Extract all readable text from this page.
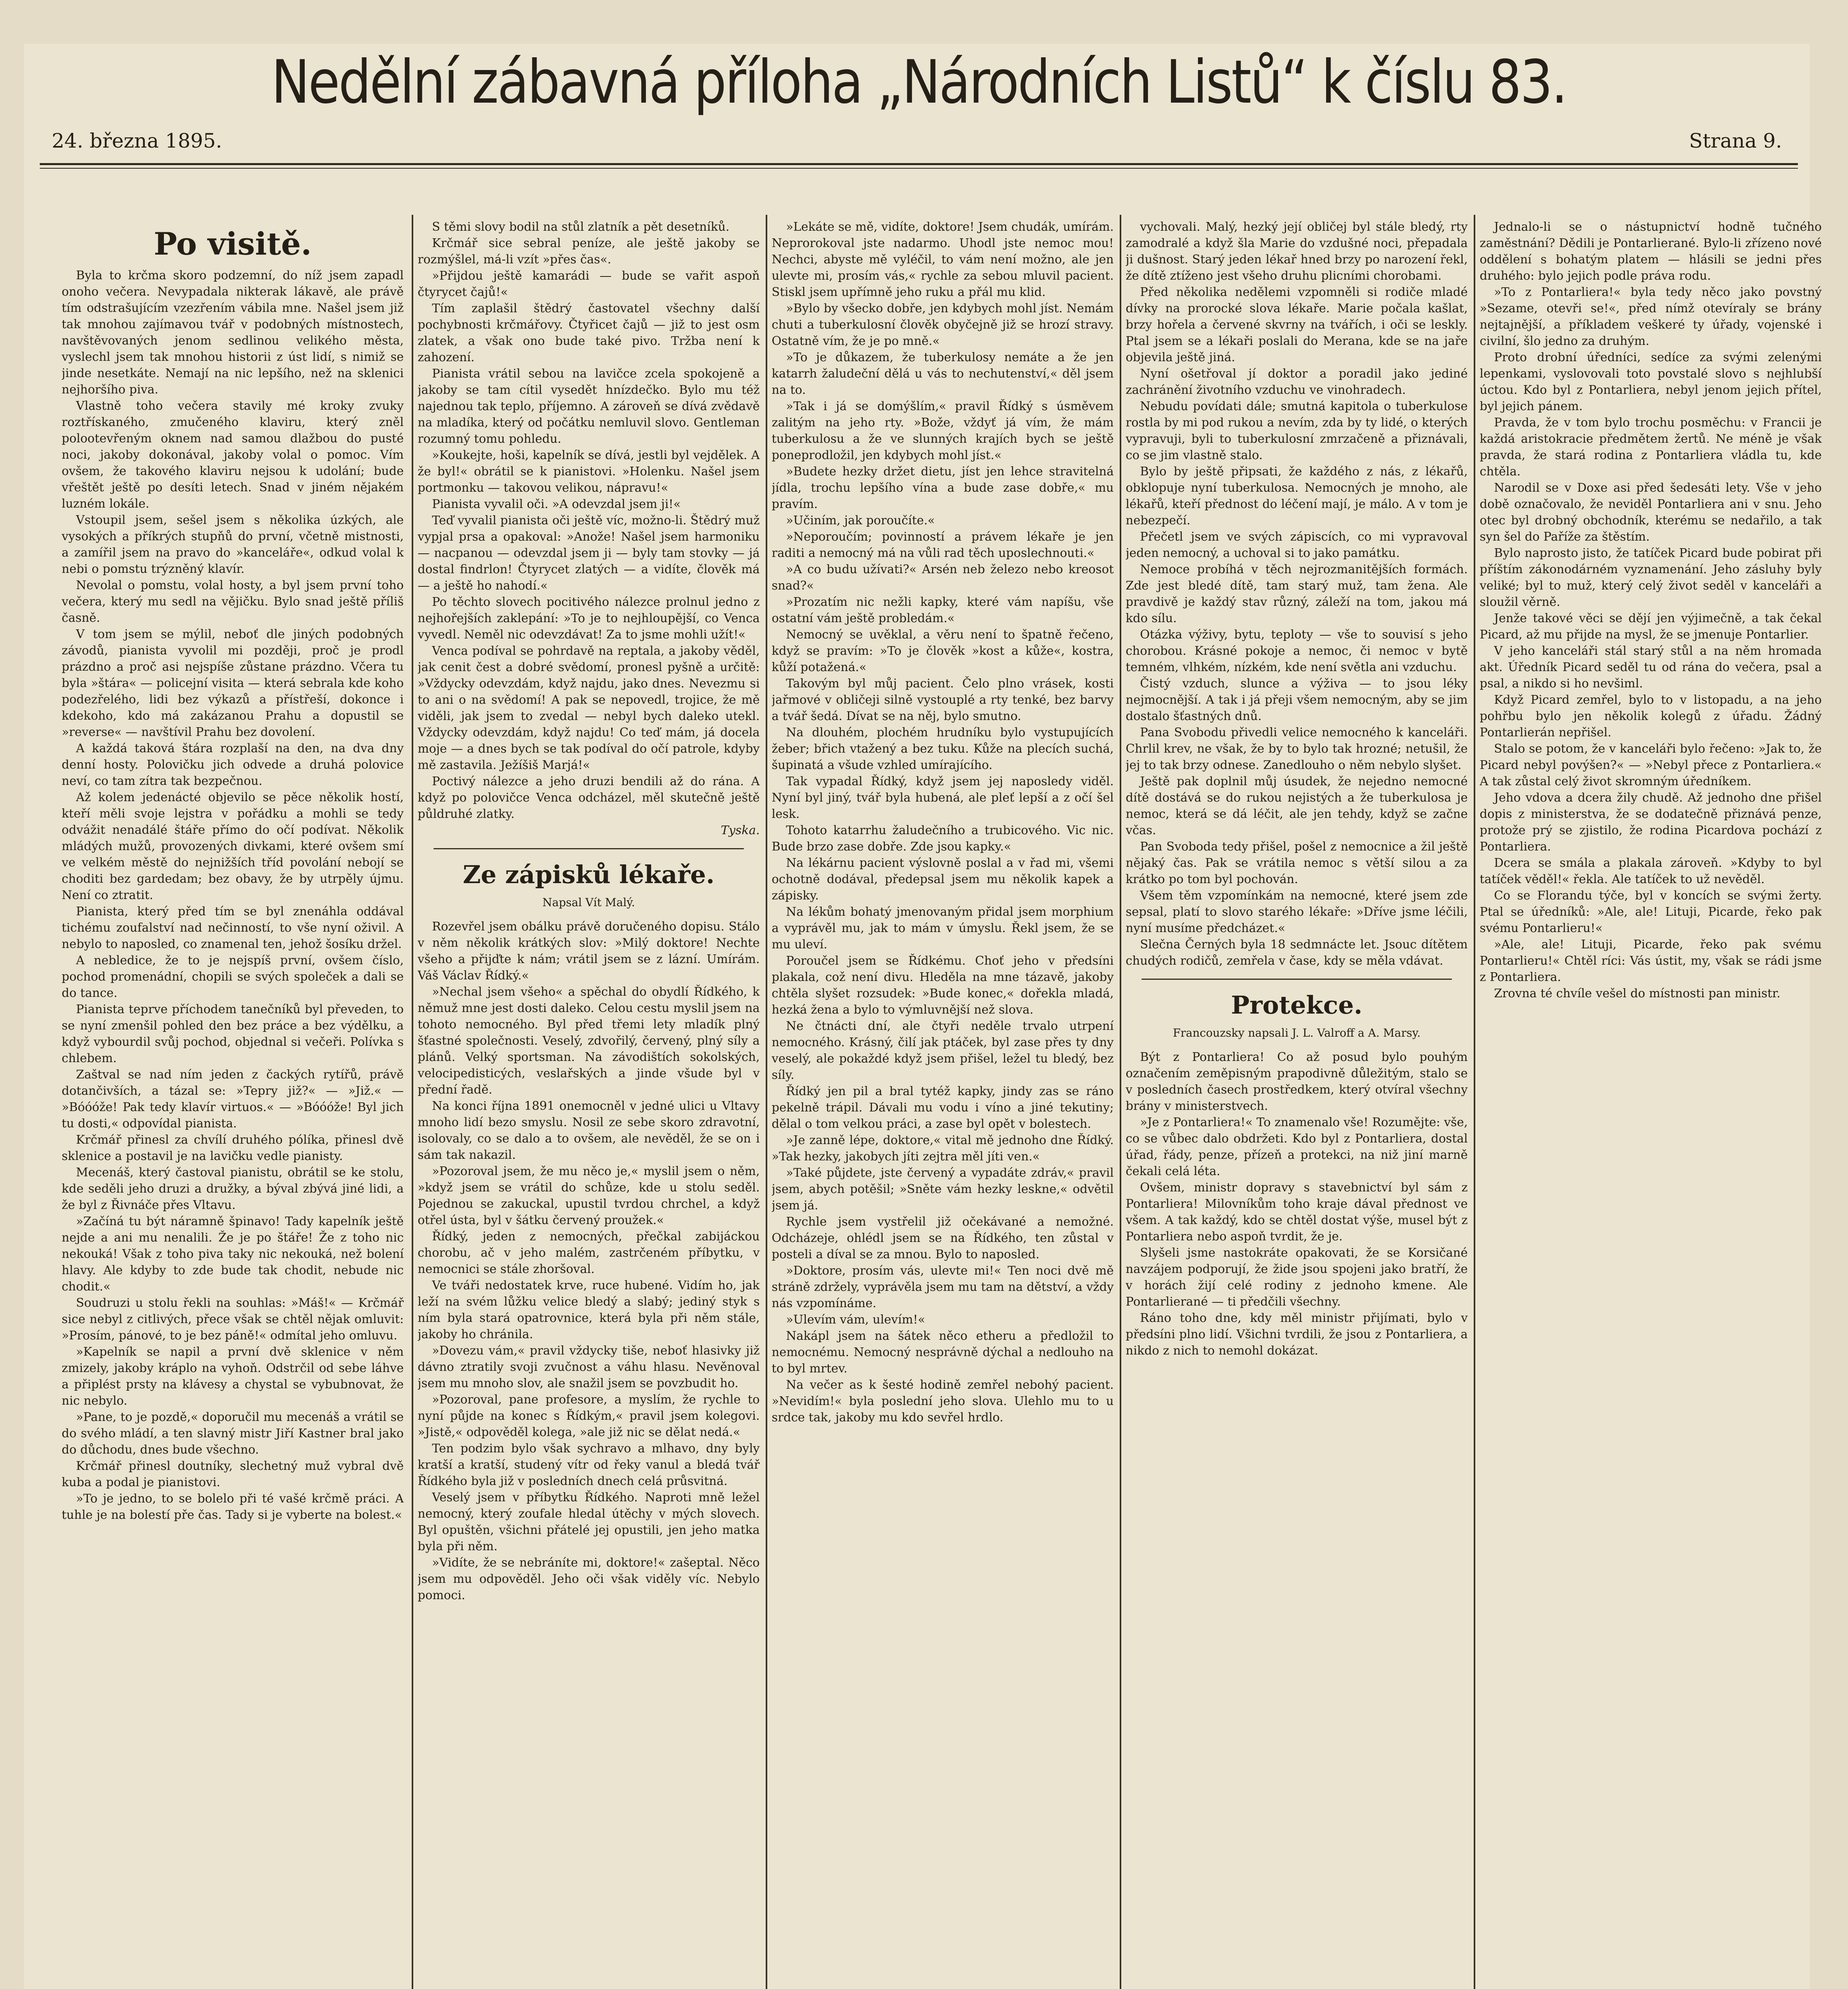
24. března 1895.
Nedělní zábavná příloha „Národních Listů“ k číslu 83.
Strana 9.
Po visitě.

Byla to krčma skoro podzemní, do níž jsem zapadl onoho večera. Nevypadala nikterak lákavě, ale právě tím odstrašujícím vzezřením vábila mne. Našel jsem již tak mnohou zajímavou tvář v podobných místnostech, navštěvovaných jenom sedlinou velikého města, vyslechl jsem tak mnohou historii z úst lidí, s nimiž se jinde nesetkáte. Nemají na nic lepšího, než na sklenici nejhoršího piva.

Vlastně toho večera stavily mé kroky zvuky roztřískaného, zmučeného klaviru, který zněl polootevřeným oknem nad samou dlažbou do pusté noci, jakoby dokonával, jakoby volal o pomoc. Vím ovšem, že takového klaviru nejsou k udolání; bude vřeštět ještě po desíti letech. Snad v jiném nějakém luzném lokále.

Vstoupil jsem, sešel jsem s několika úzkých, ale vysokých a příkrých stupňů do první, včetně mistnosti, a zamířil jsem na pravo do »kanceláře«, odkud volal k nebi o pomstu trýzněný klavír.

Nevolal o pomstu, volal hosty, a byl jsem první toho večera, který mu sedl na vějičku. Bylo snad ještě příliš časně.

V tom jsem se mýlil, neboť dle jiných podobných závodů, pianista vyvolil mi později, proč je prodl prázdno a proč asi nejspíše zůstane prázdno. Včera tu byla »štára« — policejní visita — která sebrala kde koho podezřelého, lidi bez výkazů a přístřeší, dokonce i kdekoho, kdo má zakázanou Prahu a dopustil se »reverse« — navštívil Prahu bez dovolení.

A každá taková štára rozplaší na den, na dva dny denní hosty. Polovičku jich odvede a druhá polovice neví, co tam zítra tak bezpečnou.

Až kolem jedenácté objevilo se pěce několik hostí, kteří měli svoje lejstra v pořádku a mohli se tedy odvážit nenadálé štáře přímo do očí podívat. Několik mládých mužů, provozených divkami, které ovšem smí ve velkém městě do nejnižších tříd povolání nebojí se choditi bez gardedam; bez obavy, že by utrpěly újmu. Není co ztratit.

Pianista, který před tím se byl znenáhla oddával tichému zoufalství nad nečinností, to vše nyní oživil. A nebylo to naposled, co znamenal ten, jehož šosíku držel.

A nebledice, že to je nejspíš první, ovšem číslo, pochod promenádní, chopili se svých společek a dali se do tance.

Pianista teprve příchodem tanečníků byl převeden, to se nyní zmenšil pohled den bez práce a bez výdělku, a když vybourdil svůj pochod, objednal si večeři. Polívka s chlebem.

Zaštval se nad ním jeden z čackých rytířů, právě dotančivších, a tázal se: »Tepry již?« — »Již.« — »Bóóóže! Pak tedy klavír virtuos.« — »Bóóóže! Byl jich tu dosti,« odpovídal pianista.

Krčmář přinesl za chvílí druhého pólíka, přinesl dvě sklenice a postavil je na lavičku vedle pianisty.

Mecenáš, který častoval pianistu, obrátil se ke stolu, kde seděli jeho druzi a družky, a býval zbývá jiné lidi, a že byl z Řivnáče přes Vltavu.

»Začíná tu být náramně špinavo! Tady kapelník ještě nejde a ani mu nenalili. Že je po štáře! Že z toho nic nekouká! Však z toho piva taky nic nekouká, než bolení hlavy. Ale kdyby to zde bude tak chodit, nebude nic chodit.«

Soudruzi u stolu řekli na souhlas: »Máš!« — Krčmář sice nebyl z citlivých, přece však se chtěl nějak omluvit: »Prosím, pánové, to je bez páně!« odmítal jeho omluvu.

»Kapelník se napil a první dvě sklenice v něm zmizely, jakoby kráplo na vyhoň. Odstrčil od sebe láhve a připlést prsty na klávesy a chystal se vybubnovat, že nic nebylo.

»Pane, to je pozdě,« doporučil mu mecenáš a vrátil se do svého mládí, a ten slavný mistr Jiří Kastner bral jako do důchodu, dnes bude všechno.

Krčmář přinesl doutníky, slechetný muž vybral dvě kuba a podal je pianistovi.

»To je jedno, to se bolelo při té vašé krčmě práci. A tuhle je na bolestí pře čas. Tady si je vyberte na bolest.«

S těmi slovy bodil na stůl zlatník a pět desetníků.

Krčmář sice sebral peníze, ale ještě jakoby se rozmýšlel, má-li vzít »přes čas«.

»Přijdou ještě kamarádi — bude se vařit aspoň čtyrycet čajů!«

Tím zaplašil štědrý častovatel všechny další pochybnosti krčmářovy. Čtyřicet čajů — již to jest osm zlatek, a však ono bude také pivo. Tržba není k zahození.

Pianista vrátil sebou na lavičce zcela spokojeně a jakoby se tam cítil vysedět hnízdečko. Bylo mu též najednou tak teplo, příjemno. A zároveň se dívá zvědavě na mladíka, který od počátku nemluvil slovo. Gentleman rozumný tomu pohledu.

»Koukejte, hoši, kapelník se dívá, jestli byl vejdělek. A že byl!« obrátil se k pianistovi. »Holenku. Našel jsem portmonku — takovou velikou, nápravu!«

Pianista vyvalil oči. »A odevzdal jsem ji!«

Teď vyvalil pianista oči ještě víc, možno-li. Štědrý muž vypjal prsa a opakoval: »Anože! Našel jsem harmoniku — nacpanou — odevzdal jsem ji — byly tam stovky — já dostal findrlon! Čtyrycet zlatých — a vidíte, člověk má — a ještě ho nahodí.«

Po těchto slovech pocitivého nálezce prolnul jedno z nejhořejších zaklepání: »To je to nejhloupější, co Venca vyvedl. Neměl nic odevzdávat! Za to jsme mohli užít!«

Venca podíval se pohrdavě na reptala, a jakoby věděl, jak cenit čest a dobré svědomí, pronesl pyšně a určitě: »Vždycky odevzdám, když najdu, jako dnes. Nevezmu si to ani o na svědomí! A pak se nepovedl, trojice, že mě viděli, jak jsem to zvedal — nebyl bych daleko utekl. Vždycky odevzdám, když najdu! Co teď mám, já docela moje — a dnes bych se tak podíval do očí patrole, kdyby mě zastavila. Ježíšiš Marjá!«

Poctivý nálezce a jeho druzi bendili až do rána. A když po polovičce Venca odcházel, měl skutečně ještě půldruhé zlatky.

Tyska.
Ze zápisků lékaře.
Napsal Vít Malý.

Rozevřel jsem obálku právě doručeného dopisu. Stálo v něm několik krátkých slov: »Milý doktore! Nechte všeho a přijďte k nám; vrátil jsem se z lázní. Umírám. Váš Václav Řídký.«

»Nechal jsem všeho« a spěchal do obydlí Řídkého, k němuž mne jest dosti daleko. Celou cestu myslil jsem na tohoto nemocného. Byl před třemi lety mladík plný šťastné společnosti. Veselý, zdvořilý, červený, plný síly a plánů. Velký sportsman. Na závodištích sokolských, velocipedisticých, veslařských a jinde všude byl v přední řadě.

Na konci října 1891 onemocněl v jedné ulici u Vltavy mnoho lidí bezo smyslu. Nosil ze sebe skoro zdravotní, isolovaly, co se dalo a to ovšem, ale nevěděl, že se on i sám tak nakazil.

»Pozoroval jsem, že mu něco je,« myslil jsem o něm, »když jsem se vrátil do schůze, kde u stolu seděl. Pojednou se zakuckal, upustil tvrdou chrchel, a když otřel ústa, byl v šátku červený proužek.«

Řídký, jeden z nemocných, přečkal zabijáckou chorobu, ač v jeho malém, zastrčeném příbytku, v nemocnici se stále zhoršoval.

Ve tváři nedostatek krve, ruce hubené. Vidím ho, jak leží na svém lůžku velice bledý a slabý; jediný styk s ním byla stará opatrovnice, která byla při něm stále, jakoby ho chránila.

»Dovezu vám,« pravil vždycky tiše, neboť hlasivky již dávno ztratily svoji zvučnost a váhu hlasu. Nevěnoval jsem mu mnoho slov, ale snažil jsem se povzbudit ho.

»Pozoroval, pane profesore, a myslím, že rychle to nyní půjde na konec s Řídkým,« pravil jsem kolegovi. »Jistě,« odpověděl kolega, »ale již nic se dělat nedá.«

Ten podzim bylo však sychravo a mlhavo, dny byly kratší a kratší, studený vítr od řeky vanul a bledá tvář Řídkého byla již v posledních dnech celá průsvitná.

Veselý jsem v příbytku Řídkého. Naproti mně ležel nemocný, který zoufale hledal útěchy v mých slovech. Byl opuštěn, všichni přátelé jej opustili, jen jeho matka byla při něm.

»Vidíte, že se nebráníte mi, doktore!« zašeptal. Něco jsem mu odpověděl. Jeho oči však viděly víc. Nebylo pomoci.

»Lekáte se mě, vidíte, doktore! Jsem chudák, umírám. Neprorokoval jste nadarmo. Uhodl jste nemoc mou! Nechci, abyste mě vyléčil, to vám není možno, ale jen ulevte mi, prosím vás,« rychle za sebou mluvil pacient. Stiskl jsem upřímně jeho ruku a přál mu klid.

»Bylo by všecko dobře, jen kdybych mohl jíst. Nemám chuti a tuberkulosní člověk obyčejně již se hrozí stravy. Ostatně vím, že je po mně.«

»To je důkazem, že tuberkulosy nemáte a že jen katarrh žaludeční dělá u vás to nechutenství,« děl jsem na to.

»Tak i já se domýšlím,« pravil Řídký s úsměvem zalitým na jeho rty. »Bože, vždyť já vím, že mám tuberkulosu a že ve slunných krajích bych se ještě poneprodložil, jen kdybych mohl jíst.«

»Budete hezky držet dietu, jíst jen lehce stravitelná jídla, trochu lepšího vína a bude zase dobře,« mu pravím.

»Učiním, jak poroučíte.«

»Neporoučím; povinností a právem lékaře je jen raditi a nemocný má na vůli rad těch uposlechnouti.«

»A co budu užívati?« Arsén neb železo nebo kreosot snad?«

»Prozatím nic nežli kapky, které vám napíšu, vše ostatní vám ještě probledám.«

Nemocný se uvěklal, a věru není to špatně řečeno, když se pravím: »To je člověk »kost a kůže«, kostra, kůží potažená.«

Takovým byl můj pacient. Čelo plno vrásek, kosti jařmové v obličeji silně vystouplé a rty tenké, bez barvy a tvář šedá. Dívat se na něj, bylo smutno.

Na dlouhém, plochém hrudníku bylo vystupujících žeber; břich vtažený a bez tuku. Kůže na plecích suchá, šupinatá a všude vzhled umírajícího.

Tak vypadal Řídký, když jsem jej naposledy viděl. Nyní byl jiný, tvář byla hubená, ale pleť lepší a z očí šel lesk.

Tohoto katarrhu žaludečního a trubicového. Vic nic. Bude brzo zase dobře. Zde jsou kapky.«

Na lékárnu pacient výslovně poslal a v řad mi, všemi ochotně dodával, předepsal jsem mu několik kapek a zápisky.

Na lékům bohatý jmenovaným přidal jsem morphium a vyprávěl mu, jak to mám v úmyslu. Řekl jsem, že se mu uleví.

Poroučel jsem se Řídkému. Choť jeho v předsíni plakala, což není divu. Hleděla na mne tázavě, jakoby chtěla slyšet rozsudek: »Bude konec,« dořekla mladá, hezká žena a bylo to výmluvnější než slova.

Ne čtnácti dní, ale čtyři neděle trvalo utrpení nemocného. Krásný, čilí jak ptáček, byl zase přes ty dny veselý, ale pokaždé když jsem přišel, ležel tu bledý, bez síly.

Řídký jen pil a bral tytéž kapky, jindy zas se ráno pekelně trápil. Dávali mu vodu i víno a jiné tekutiny; dělal o tom velkou práci, a zase byl opět v bolestech.

»Je zanně lépe, doktore,« vital mě jednoho dne Řídký. »Tak hezky, jakobych jíti zejtra měl jíti ven.«

»Také půjdete, jste červený a vypadáte zdráv,« pravil jsem, abych potěšil; »Sněte vám hezky leskne,« odvětil jsem já.

Rychle jsem vystřelil již očekávané a nemožné. Odcházeje, ohlédl jsem se na Řídkého, ten zůstal v posteli a díval se za mnou. Bylo to naposled.

»Doktore, prosím vás, ulevte mi!« Ten noci dvě mě stráně zdržely, vyprávěla jsem mu tam na dětství, a vždy nás vzpomínáme.

»Ulevím vám, ulevím!«

Nakápl jsem na šátek něco etheru a předložil to nemocnému. Nemocný nesprávně dýchal a nedlouho na to byl mrtev.

Na večer as k šesté hodině zemřel nebohý pacient. »Nevidím!« byla poslední jeho slova. Ulehlo mu to u srdce tak, jakoby mu kdo sevřel hrdlo.

vychovali. Malý, hezký její obličej byl stále bledý, rty zamodralé a když šla Marie do vzdušné noci, přepadala ji dušnost. Starý jeden lékař hned brzy po narození řekl, že dítě ztíženo jest všeho druhu plicními chorobami.

Před několika nedělemi vzpomněli si rodiče mladé dívky na prorocké slova lékaře. Marie počala kašlat, brzy hořela a červené skvrny na tvářích, i oči se leskly. Ptal jsem se a lékaři poslali do Merana, kde se na jaře objevila ještě jiná.

Nyní ošetřoval jí doktor a poradil jako jediné zachránění životního vzduchu ve vinohradech.

Nebudu povídati dále; smutná kapitola o tuberkulose rostla by mi pod rukou a nevím, zda by ty lidé, o kterých vypravuji, byli to tuberkulosní zmrzačeně a přiznávali, co se jim vlastně stalo.

Bylo by ještě připsati, že každého z nás, z lékařů, obklopuje nyní tuberkulosa. Nemocných je mnoho, ale lékařů, kteří přednost do léčení mají, je málo. A v tom je nebezpečí.

Přečetl jsem ve svých zápiscích, co mi vypravoval jeden nemocný, a uchoval si to jako památku.

Nemoce probíhá v těch nejrozmanitějších formách. Zde jest bledé dítě, tam starý muž, tam žena. Ale pravdivě je každý stav různý, záleží na tom, jakou má kdo sílu.

Otázka výživy, bytu, teploty — vše to souvisí s jeho chorobou. Krásné pokoje a nemoc, či nemoc v bytě temném, vlhkém, nízkém, kde není světla ani vzduchu.

Čistý vzduch, slunce a výživa — to jsou léky nejmocnější. A tak i já přeji všem nemocným, aby se jim dostalo šťastných dnů.

Pana Svobodu přivedli velice nemocného k kanceláři. Chrlil krev, ne však, že by to bylo tak hrozné; netušil, že jej to tak brzy odnese. Zanedlouho o něm nebylo slyšet.

Ještě pak doplnil můj úsudek, že nejedno nemocné dítě dostává se do rukou nejistých a že tuberkulosa je nemoc, která se dá léčit, ale jen tehdy, když se začne včas.

Pan Svoboda tedy přišel, pošel z nemocnice a žil ještě nějaký čas. Pak se vrátila nemoc s větší silou a za krátko po tom byl pochován.

Všem těm vzpomínkám na nemocné, které jsem zde sepsal, platí to slovo starého lékaře: »Dříve jsme léčili, nyní musíme předcházet.«

Slečna Černých byla 18 sedmnácte let. Jsouc dítětem chudých rodičů, zemřela v čase, kdy se měla vdávat.

Protekce.
Francouzsky napsali J. L. Valroff a A. Marsy.

Být z Pontarliera! Co až posud bylo pouhým označením zeměpisným prapodivně důležitým, stalo se v posledních časech prostředkem, který otvíral všechny brány v ministerstvech.

»Je z Pontarliera!« To znamenalo vše! Rozumějte: vše, co se vůbec dalo obdržeti. Kdo byl z Pontarliera, dostal úřad, řády, penze, přízeň a protekci, na niž jiní marně čekali celá léta.

Ovšem, ministr dopravy s stavebnictví byl sám z Pontarliera! Milovníkům toho kraje dával přednost ve všem. A tak každý, kdo se chtěl dostat výše, musel být z Pontarliera nebo aspoň tvrdit, že je.

Slyšeli jsme nastokráte opakovati, že se Korsičané navzájem podporují, že žide jsou spojeni jako bratří, že v horách žijí celé rodiny z jednoho kmene. Ale Pontarlierané — ti předčili všechny.

Ráno toho dne, kdy měl ministr přijímati, bylo v předsíni plno lidí. Všichni tvrdili, že jsou z Pontarliera, a nikdo z nich to nemohl dokázat.

Jednalo-li se o nástupnictví hodně tučného zaměstnání? Dědili je Pontarlierané. Bylo-li zřízeno nové oddělení s bohatým platem — hlásili se jedni přes druhého: bylo jejich podle práva rodu.

»To z Pontarliera!« byla tedy něco jako povstný »Sezame, otevři se!«, před nímž otevíraly se brány nejtajnější, a příkladem veškeré ty úřady, vojenské i civilní, šlo jedno za druhým.

Proto drobní úředníci, sedíce za svými zelenými lepenkami, vyslovovali toto povstalé slovo s nejhlubší úctou. Kdo byl z Pontarliera, nebyl jenom jejich přítel, byl jejich pánem.

Pravda, že v tom bylo trochu posměchu: v Francii je každá aristokracie předmětem žertů. Ne méně je však pravda, že stará rodina z Pontarliera vládla tu, kde chtěla.

Narodil se v Doxe asi před šedesáti lety. Vše v jeho době označovalo, že neviděl Pontarliera ani v snu. Jeho otec byl drobný obchodník, kterému se nedařilo, a tak syn šel do Paříže za štěstím.

Bylo naprosto jisto, že tatíček Picard bude pobirat při příštím zákonodárném vyznamenání. Jeho zásluhy byly veliké; byl to muž, který celý život seděl v kanceláři a sloužil věrně.

Jenže takové věci se dějí jen výjimečně, a tak čekal Picard, až mu přijde na mysl, že se jmenuje Pontarlier.

V jeho kanceláři stál starý stůl a na něm hromada akt. Úředník Picard seděl tu od rána do večera, psal a psal, a nikdo si ho nevšiml.

Když Picard zemřel, bylo to v listopadu, a na jeho pohřbu bylo jen několik kolegů z úřadu. Žádný Pontarlierán nepřišel.

Stalo se potom, že v kanceláři bylo řečeno: »Jak to, že Picard nebyl povýšen?« — »Nebyl přece z Pontarliera.« A tak zůstal celý život skromným úředníkem.

Jeho vdova a dcera žily chudě. Až jednoho dne přišel dopis z ministerstva, že se dodatečně přiznává penze, protože prý se zjistilo, že rodina Picardova pochází z Pontarliera.

Dcera se smála a plakala zároveň. »Kdyby to byl tatíček věděl!« řekla. Ale tatíček to už nevěděl.

Co se Florandu týče, byl v koncích se svými žerty. Ptal se úředníků: »Ale, ale! Lituji, Picarde, řeko pak svému Pontarlieru!«

»Ale, ale! Lituji, Picarde, řeko pak svému Pontarlieru!« Chtěl ríci: Vás ústit, my, však se rádi jsme z Pontarliera.

Zrovna té chvíle vešel do místnosti pan ministr.
